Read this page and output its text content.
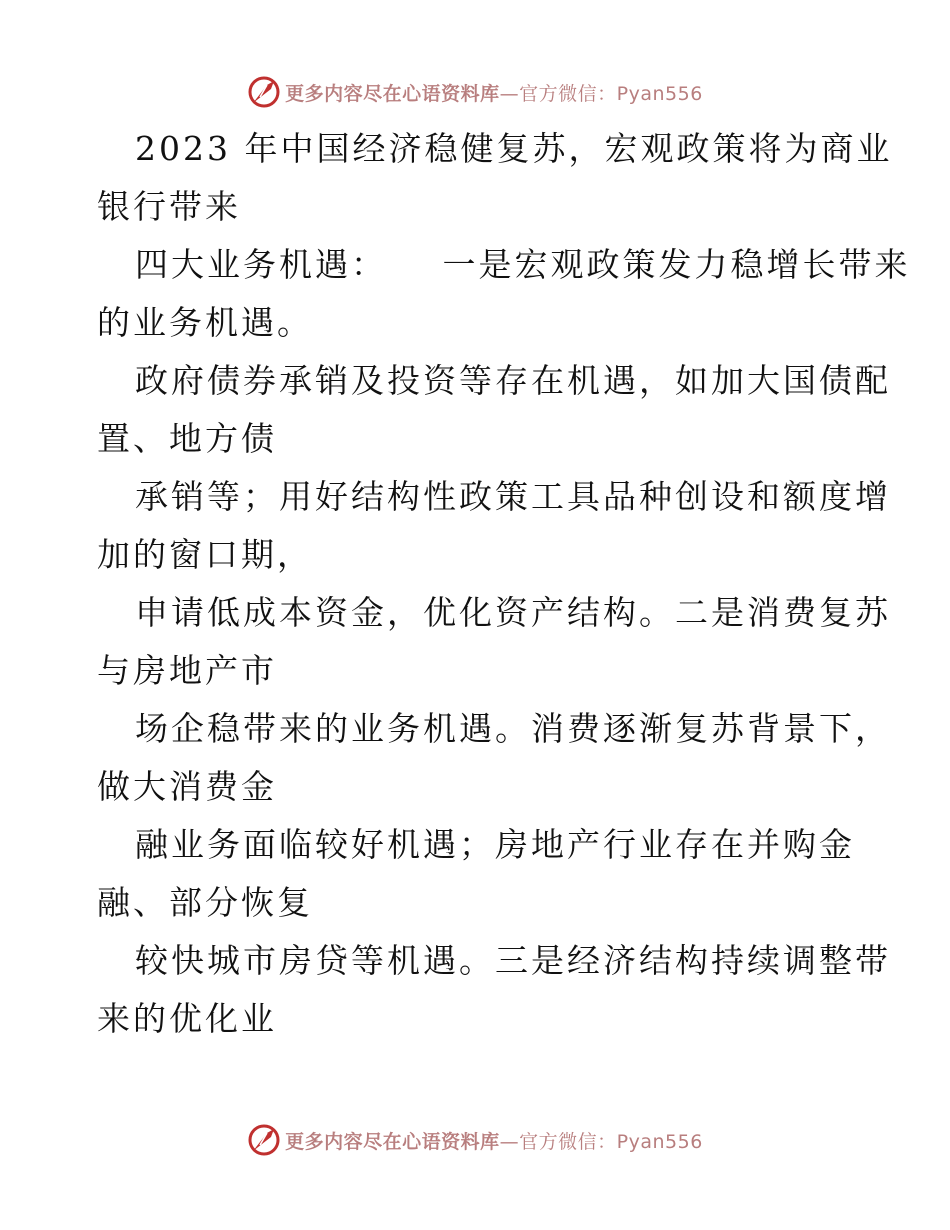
更多内容尽在心语资料库—官方微信：Pyan556
2023 年中国经济稳健复苏，宏观政策将为商业
银行带来
四大业务机遇：　　一是宏观政策发力稳增长带来
的业务机遇。
政府债券承销及投资等存在机遇，如加大国债配
置、地方债
承销等；用好结构性政策工具品种创设和额度增
加的窗口期，
申请低成本资金，优化资产结构。二是消费复苏
与房地产市
场企稳带来的业务机遇。消费逐渐复苏背景下，
做大消费金
融业务面临较好机遇；房地产行业存在并购金
融、部分恢复
较快城市房贷等机遇。三是经济结构持续调整带
来的优化业
更多内容尽在心语资料库—官方微信：Pyan556
